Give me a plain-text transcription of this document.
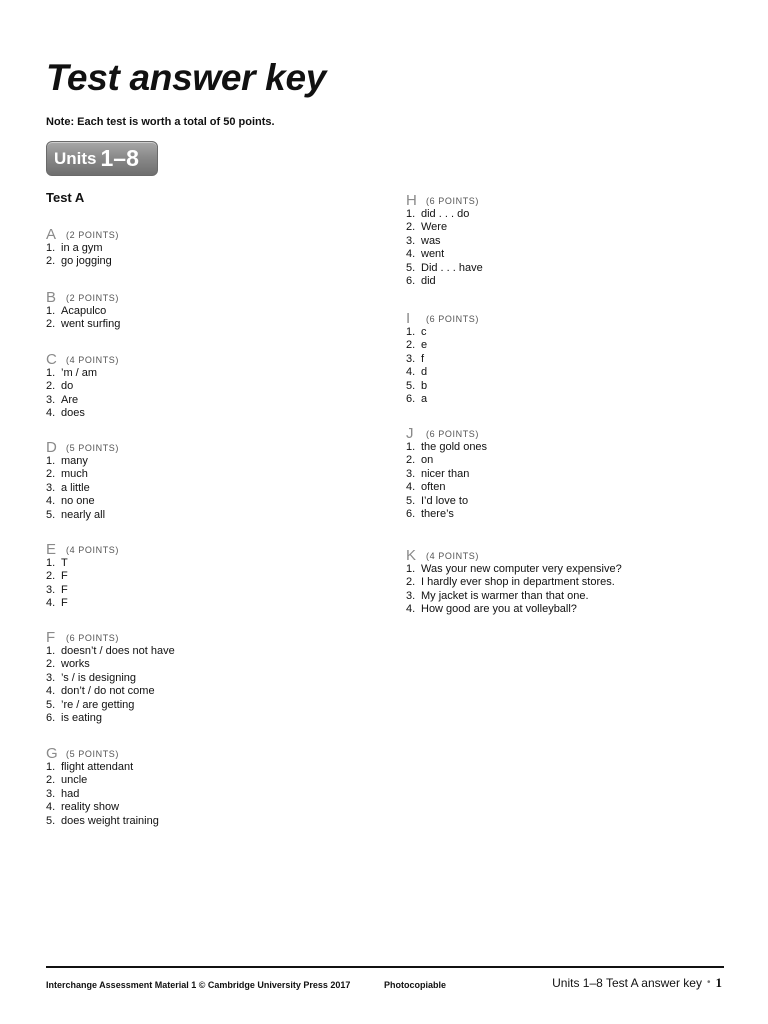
Test answer key
Note: Each test is worth a total of 50 points.
Units 1–8
Test A
A (2 POINTS)
1. in a gym
2. go jogging
B (2 POINTS)
1. Acapulco
2. went surfing
C (4 POINTS)
1. ’m / am
2. do
3. Are
4. does
D (5 POINTS)
1. many
2. much
3. a little
4. no one
5. nearly all
E (4 POINTS)
1. T
2. F
3. F
4. F
F (6 POINTS)
1. doesn’t / does not have
2. works
3. ’s / is designing
4. don’t / do not come
5. ’re / are getting
6. is eating
G (5 POINTS)
1. flight attendant
2. uncle
3. had
4. reality show
5. does weight training
H (6 POINTS)
1. did . . . do
2. Were
3. was
4. went
5. Did . . . have
6. did
I (6 POINTS)
1. c
2. e
3. f
4. d
5. b
6. a
J (6 POINTS)
1. the gold ones
2. on
3. nicer than
4. often
5. I’d love to
6. there’s
K (4 POINTS)
1. Was your new computer very expensive?
2. I hardly ever shop in department stores.
3. My jacket is warmer than that one.
4. How good are you at volleyball?
Interchange Assessment Material 1 © Cambridge University Press 2017	Photocopiable	Units 1–8 Test A answer key • 1
